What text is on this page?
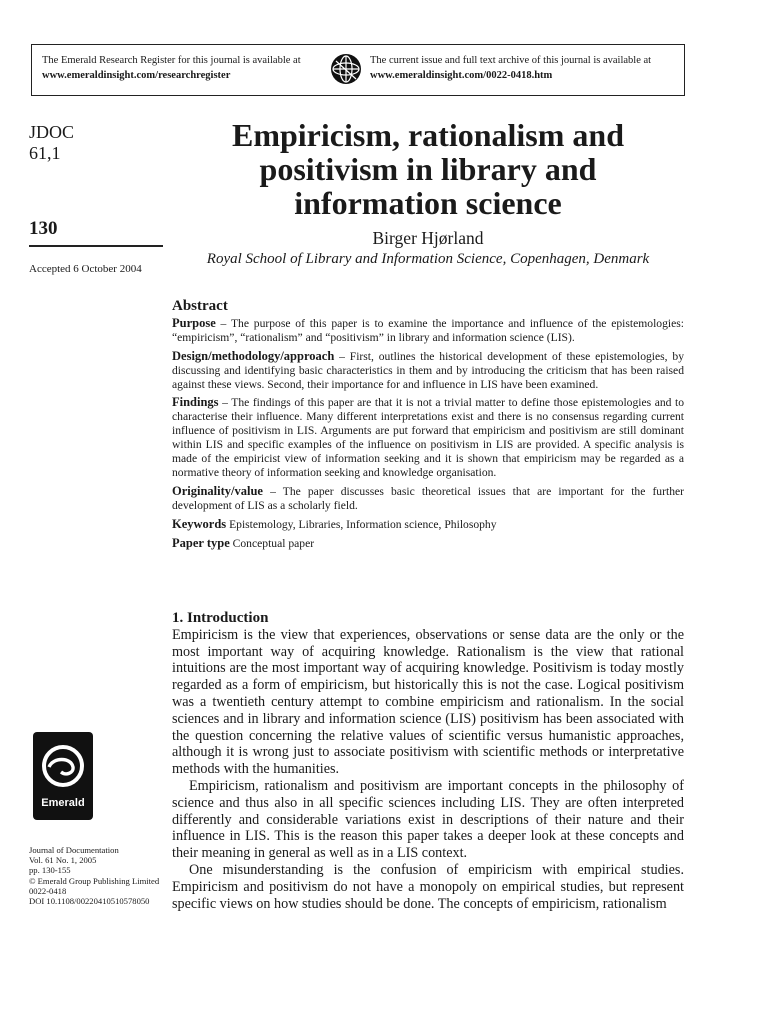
The Emerald Research Register for this journal is available at
www.emeraldinsight.com/researchregister
The current issue and full text archive of this journal is available at
www.emeraldinsight.com/0022-0418.htm
JDOC
61,1
130
Accepted 6 October 2004
Emerald
Journal of Documentation
Vol. 61 No. 1, 2005
pp. 130-155
© Emerald Group Publishing Limited
0022-0418
DOI 10.1108/00220410510578050
Empiricism, rationalism and
positivism in library and
information science
Birger Hjørland
Royal School of Library and Information Science, Copenhagen, Denmark
Abstract

Purpose – The purpose of this paper is to examine the importance and influence of the epistemologies: “empiricism”, “rationalism” and “positivism” in library and information science (LIS).

Design/methodology/approach – First, outlines the historical development of these epistemologies, by discussing and identifying basic characteristics in them and by introducing the criticism that has been raised against these views. Second, their importance for and influence in LIS have been examined.

Findings – The findings of this paper are that it is not a trivial matter to define those epistemologies and to characterise their influence. Many different interpretations exist and there is no consensus regarding current influence of positivism in LIS. Arguments are put forward that empiricism and positivism are still dominant within LIS and specific examples of the influence on positivism in LIS are provided. A specific analysis is made of the empiricist view of information seeking and it is shown that empiricism may be regarded as a normative theory of information seeking and knowledge organisation.

Originality/value – The paper discusses basic theoretical issues that are important for the further development of LIS as a scholarly field.

Keywords Epistemology, Libraries, Information science, Philosophy

Paper type Conceptual paper

1. Introduction

Empiricism is the view that experiences, observations or sense data are the only or the most important way of acquiring knowledge. Rationalism is the view that rational intuitions are the most important way of acquiring knowledge. Positivism is today mostly regarded as a form of empiricism, but historically this is not the case. Logical positivism was a twentieth century attempt to combine empiricism and rationalism. In the social sciences and in library and information science (LIS) positivism has been associated with the question concerning the relative values of scientific versus humanistic approaches, although it is wrong just to associate positivism with scientific methods or interpretative methods with the humanities.

Empiricism, rationalism and positivism are important concepts in the philosophy of science and thus also in all specific sciences including LIS. They are often interpreted differently and considerable variations exist in descriptions of their nature and their influence in LIS. This is the reason this paper takes a deeper look at these concepts and their meaning in general as well as in a LIS context.

One misunderstanding is the confusion of empiricism with empirical studies. Empiricism and positivism do not have a monopoly on empirical studies, but represent specific views on how studies should be done. The concepts of empiricism, rationalism
